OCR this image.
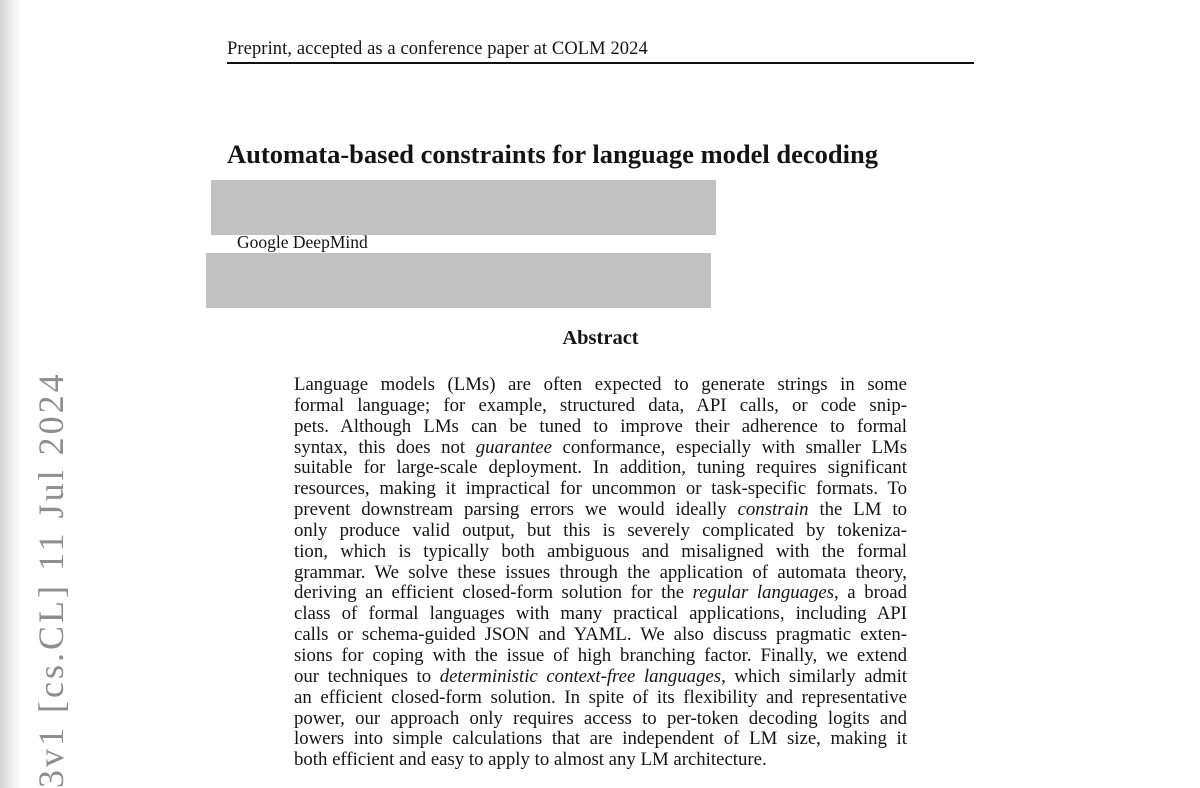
Preprint, accepted as a conference paper at COLM 2024
Automata-based constraints for language model decoding
Google DeepMind
Abstract
Language models (LMs) are often expected to generate strings in some
formal language; for example, structured data, API calls, or code snip-
pets. Although LMs can be tuned to improve their adherence to formal
syntax, this does not guarantee conformance, especially with smaller LMs
suitable for large-scale deployment. In addition, tuning requires significant
resources, making it impractical for uncommon or task-specific formats. To
prevent downstream parsing errors we would ideally constrain the LM to
only produce valid output, but this is severely complicated by tokeniza-
tion, which is typically both ambiguous and misaligned with the formal
grammar. We solve these issues through the application of automata theory,
deriving an efficient closed-form solution for the regular languages, a broad
class of formal languages with many practical applications, including API
calls or schema-guided JSON and YAML. We also discuss pragmatic exten-
sions for coping with the issue of high branching factor. Finally, we extend
our techniques to deterministic context-free languages, which similarly admit
an efficient closed-form solution. In spite of its flexibility and representative
power, our approach only requires access to per-token decoding logits and
lowers into simple calculations that are independent of LM size, making it
both efficient and easy to apply to almost any LM architecture.
3v1 [cs.CL] 11 Jul 2024
